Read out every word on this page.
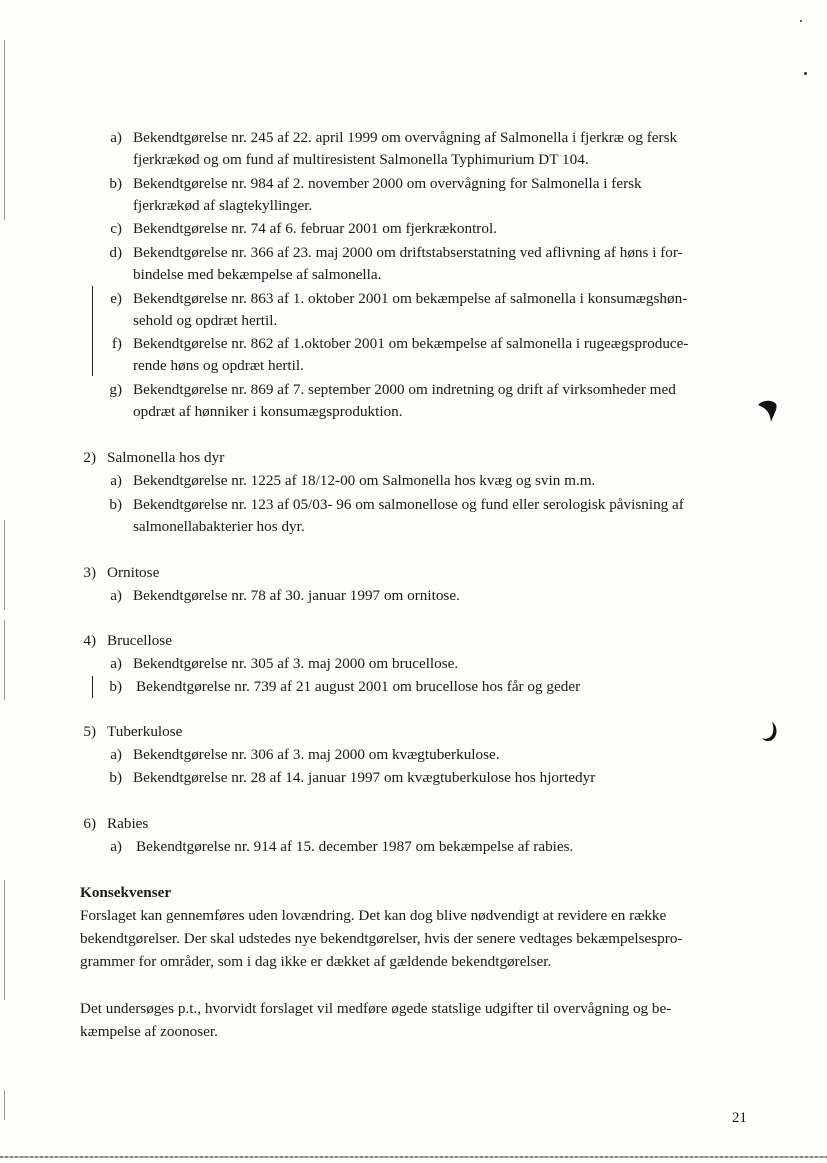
a) Bekendtgørelse nr. 245 af 22. april 1999 om overvågning af Salmonella i fjerkræ og fersk
fjerkrækød og om fund af multiresistent Salmonella Typhimurium DT 104.
b) Bekendtgørelse nr. 984 af 2. november 2000 om overvågning for Salmonella i fersk
fjerkrækød af slagtekyllinger.
c) Bekendtgørelse nr. 74 af 6. februar 2001 om fjerkrækontrol.
d) Bekendtgørelse nr. 366 af 23. maj 2000 om driftstabserstatning ved aflivning af høns i for-
bindelse med bekæmpelse af salmonella.
e) Bekendtgørelse nr. 863 af 1. oktober 2001 om bekæmpelse af salmonella i konsumægshøn-
sehold og opdræt hertil.
f) Bekendtgørelse nr. 862 af 1.oktober 2001 om bekæmpelse af salmonella i rugeægsproduce-
rende høns og opdræt hertil.
g) Bekendtgørelse nr. 869 af 7. september 2000 om indretning og drift af virksomheder med
opdræt af hønniker i konsumægsproduktion.
2) Salmonella hos dyr
a) Bekendtgørelse nr. 1225 af 18/12-00 om Salmonella hos kvæg og svin m.m.
b) Bekendtgørelse nr. 123 af 05/03- 96 om salmonellose og fund eller serologisk påvisning af
salmonellabakterier hos dyr.
3) Ornitose
a) Bekendtgørelse nr. 78 af 30. januar 1997 om ornitose.
4) Brucellose
a) Bekendtgørelse nr. 305 af 3. maj 2000 om brucellose.
b) Bekendtgørelse nr. 739 af 21 august 2001 om brucellose hos får og geder
5) Tuberkulose
a) Bekendtgørelse nr. 306 af 3. maj 2000 om kvægtuberkulose.
b) Bekendtgørelse nr. 28 af 14. januar 1997 om kvægtuberkulose hos hjortedyr
6) Rabies
a) Bekendtgørelse nr. 914 af 15. december 1987 om bekæmpelse af rabies.
Konsekvenser
Forslaget kan gennemføres uden lovændring. Det kan dog blive nødvendigt at revidere en række
bekendtgørelser. Der skal udstedes nye bekendtgørelser, hvis der senere vedtages bekæmpelsespro-
grammer for områder, som i dag ikke er dækket af gældende bekendtgørelser.
Det undersøges p.t., hvorvidt forslaget vil medføre øgede statslige udgifter til overvågning og be-
kæmpelse af zoonoser.
21
